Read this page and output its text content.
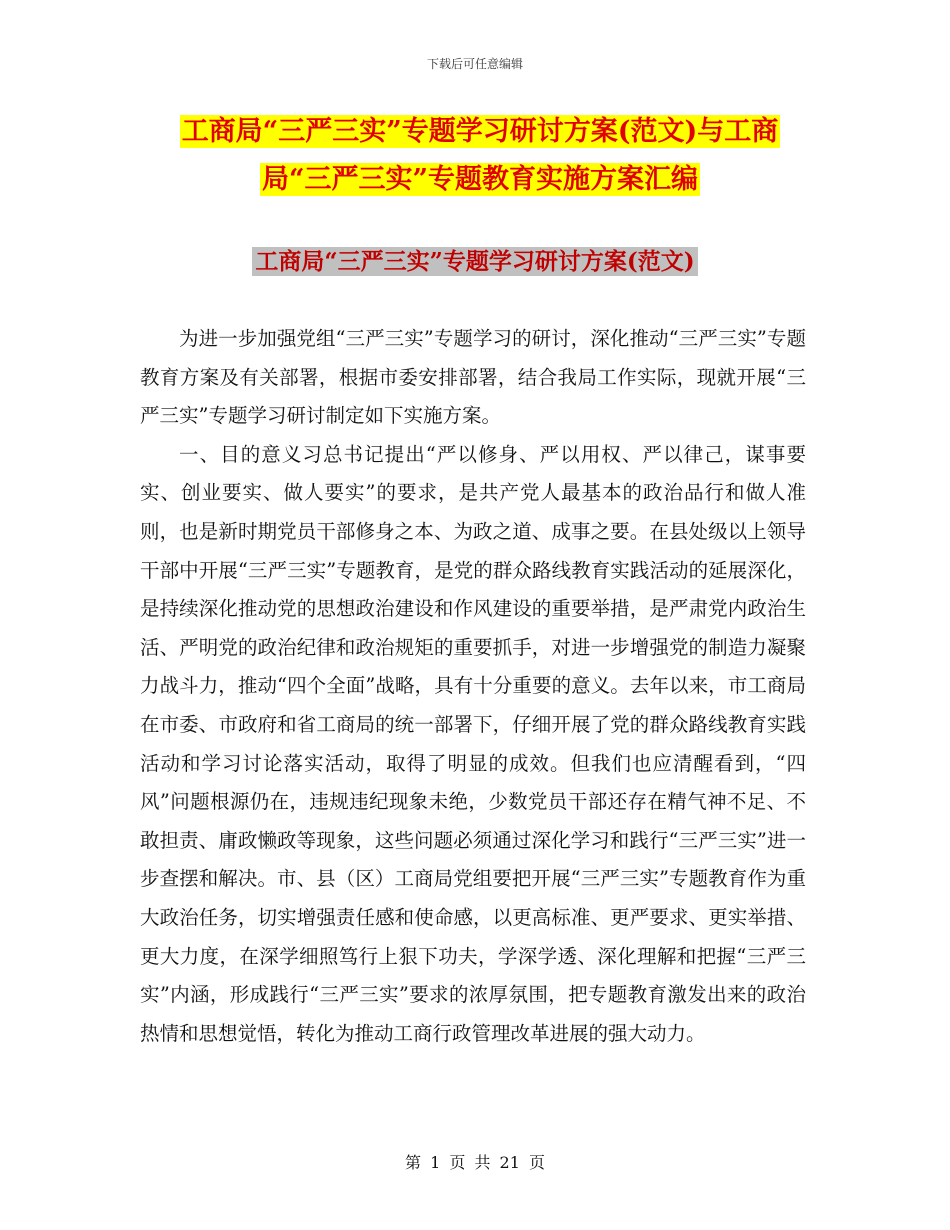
下载后可任意编辑
工商局“三严三实”专题学习研讨方案(范文)与工商
局“三严三实”专题教育实施方案汇编
工商局“三严三实”专题学习研讨方案(范文)

为进一步加强党组“三严三实”专题学习的研讨，深化推动“三严三实”专题教育方案及有关部署，根据市委安排部署，结合我局工作实际，现就开展“三严三实”专题学习研讨制定如下实施方案。

一、目的意义习总书记提出“严以修身、严以用权、严以律己，谋事要实、创业要实、做人要实”的要求，是共产党人最基本的政治品行和做人准则，也是新时期党员干部修身之本、为政之道、成事之要。在县处级以上领导干部中开展“三严三实”专题教育，是党的群众路线教育实践活动的延展深化，是持续深化推动党的思想政治建设和作风建设的重要举措，是严肃党内政治生活、严明党的政治纪律和政治规矩的重要抓手，对进一步增强党的制造力凝聚力战斗力，推动“四个全面”战略，具有十分重要的意义。去年以来，市工商局在市委、市政府和省工商局的统一部署下，仔细开展了党的群众路线教育实践活动和学习讨论落实活动，取得了明显的成效。但我们也应清醒看到，“四风”问题根源仍在，违规违纪现象未绝，少数党员干部还存在精气神不足、不敢担责、庸政懒政等现象，这些问题必须通过深化学习和践行“三严三实”进一步查摆和解决。市、县（区）工商局党组要把开展“三严三实”专题教育作为重大政治任务，切实增强责任感和使命感，以更高标准、更严要求、更实举措、更大力度，在深学细照笃行上狠下功夫，学深学透、深化理解和把握“三严三实”内涵，形成践行“三严三实”要求的浓厚氛围，把专题教育激发出来的政治热情和思想觉悟，转化为推动工商行政管理改革进展的强大动力。

第 1 页 共 21 页
